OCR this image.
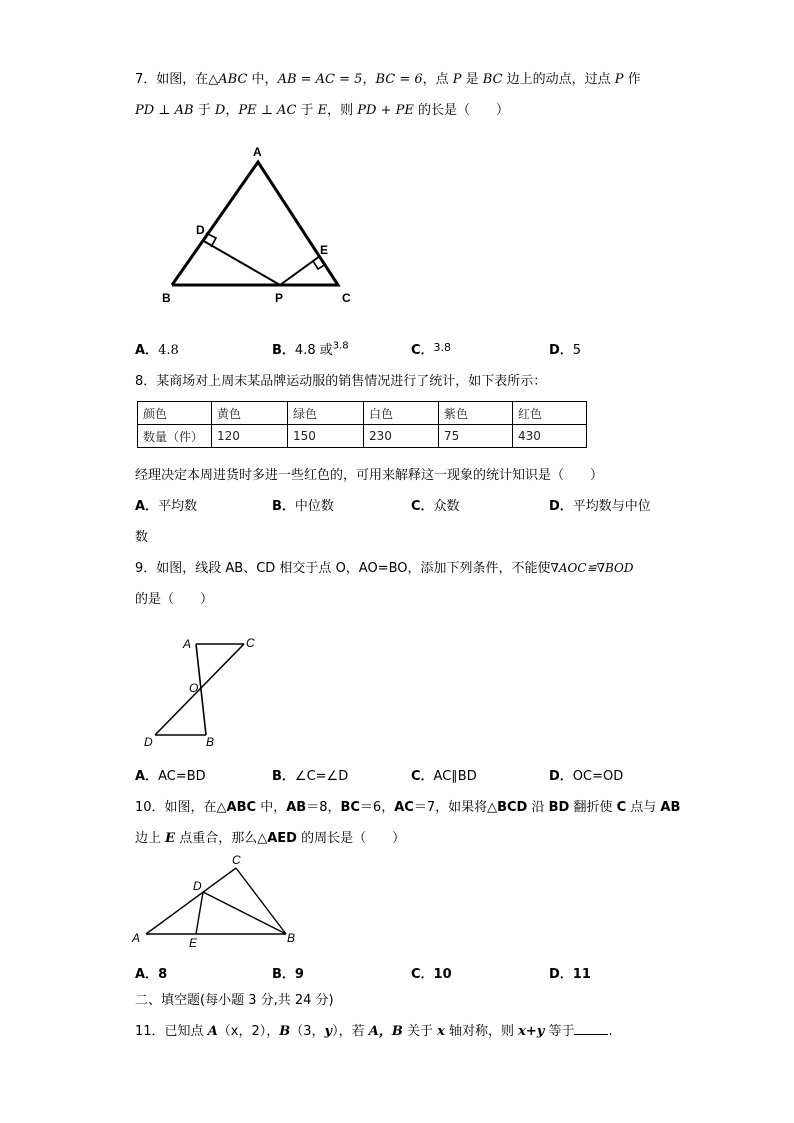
7．如图，在△ABC 中，AB = AC = 5，BC = 6，点 P 是 BC 边上的动点，过点 P 作
PD ⊥ AB 于 D，PE ⊥ AC 于 E，则 PD + PE 的长是（　　）
A
B	C
D
E
P
A．4.8	B．4.8 或$^{3.8}$	C．$^{3.8}$	D．5
8．某商场对上周末某品牌运动服的销售情况进行了统计，如下表所示：
颜色	黄色	绿色	白色	紫色	红色
数量（件）	120	150	230	75	430
经理决定本周进货时多进一些红色的，可用来解释这一现象的统计知识是（　　）
A．平均数	B．中位数	C．众数	D．平均数与中位
数
9．如图，线段 AB、CD 相交于点 O，AO=BO，添加下列条件，不能使∇AOC≌∇BOD
的是（　　）
A	C
O
D	B
A．AC=BD	B．∠C=∠D	C．AC∥BD	D．OC=OD
10．如图，在△ABC 中，AB＝8，BC＝6，AC＝7，如果将△BCD 沿 BD 翻折使 C 点与 AB
边上 E 点重合，那么△AED 的周长是（　　）
A
C
D
E	B
A．8	B．9	C．10	D．11
二、填空题(每小题 3 分,共 24 分)
11．已知点 A（x，2），B（3，y），若 A，B 关于 x 轴对称，则 x+y 等于	.
